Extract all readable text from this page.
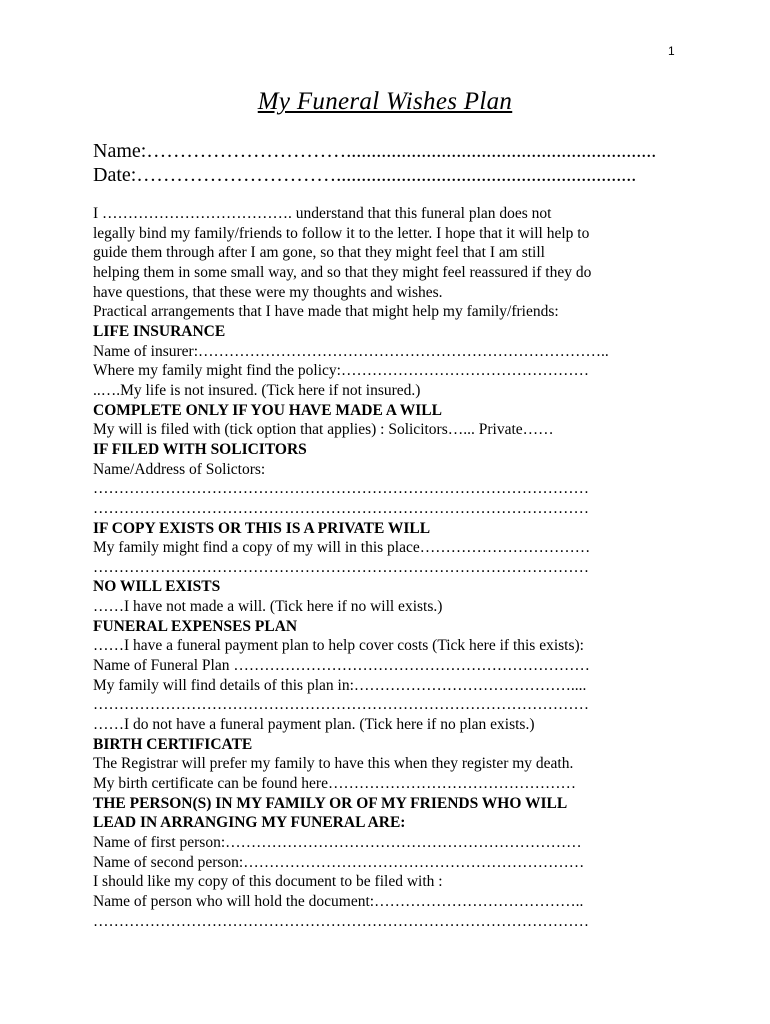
1
My Funeral Wishes Plan
Name:…………………………..............................................................
Date:…………………………............................................................
I ………………………………. understand that this funeral plan does not
legally bind my family/friends to follow it to the letter. I hope that it will help to
guide them through after I am gone, so that they might feel that I am still
helping them in some small way, and so that they might feel reassured if they do
have questions, that these were my thoughts and wishes.
Practical arrangements that I have made that might help my family/friends:
LIFE INSURANCE
Name of insurer:……………………………………………………………………..
Where my family might find the policy:…………………………………………
..….My life is not insured. (Tick here if not insured.)
COMPLETE ONLY IF YOU HAVE MADE A WILL
My will is filed with (tick option that applies) : Solicitors…... Private……
IF FILED WITH SOLICITORS
Name/Address of Solictors:
……………………………………………………………………………………
……………………………………………………………………………………
IF COPY EXISTS OR THIS IS A PRIVATE WILL
My family might find a copy of my will in this place……………………………
……………………………………………………………………………………
NO WILL EXISTS
……I have not made a will. (Tick here if no will exists.)
FUNERAL EXPENSES PLAN
……I have a funeral payment plan to help cover costs (Tick here if this exists):
Name of Funeral Plan ……………………………………………………………
My family will find details of this plan in:……………………………………....
……………………………………………………………………………………
……I do not have a funeral payment plan. (Tick here if no plan exists.)
BIRTH CERTIFICATE
The Registrar will prefer my family to have this when they register my death.
My birth certificate can be found here…………………………………………
THE PERSON(S) IN MY FAMILY OR OF MY FRIENDS WHO WILL
LEAD IN ARRANGING MY FUNERAL ARE:
Name of first person:……………………………………………………………
Name of second person:…………………………………………………………
I should like my copy of this document to be filed with :
Name of person who will hold the document:…………………………………..
……………………………………………………………………………………
